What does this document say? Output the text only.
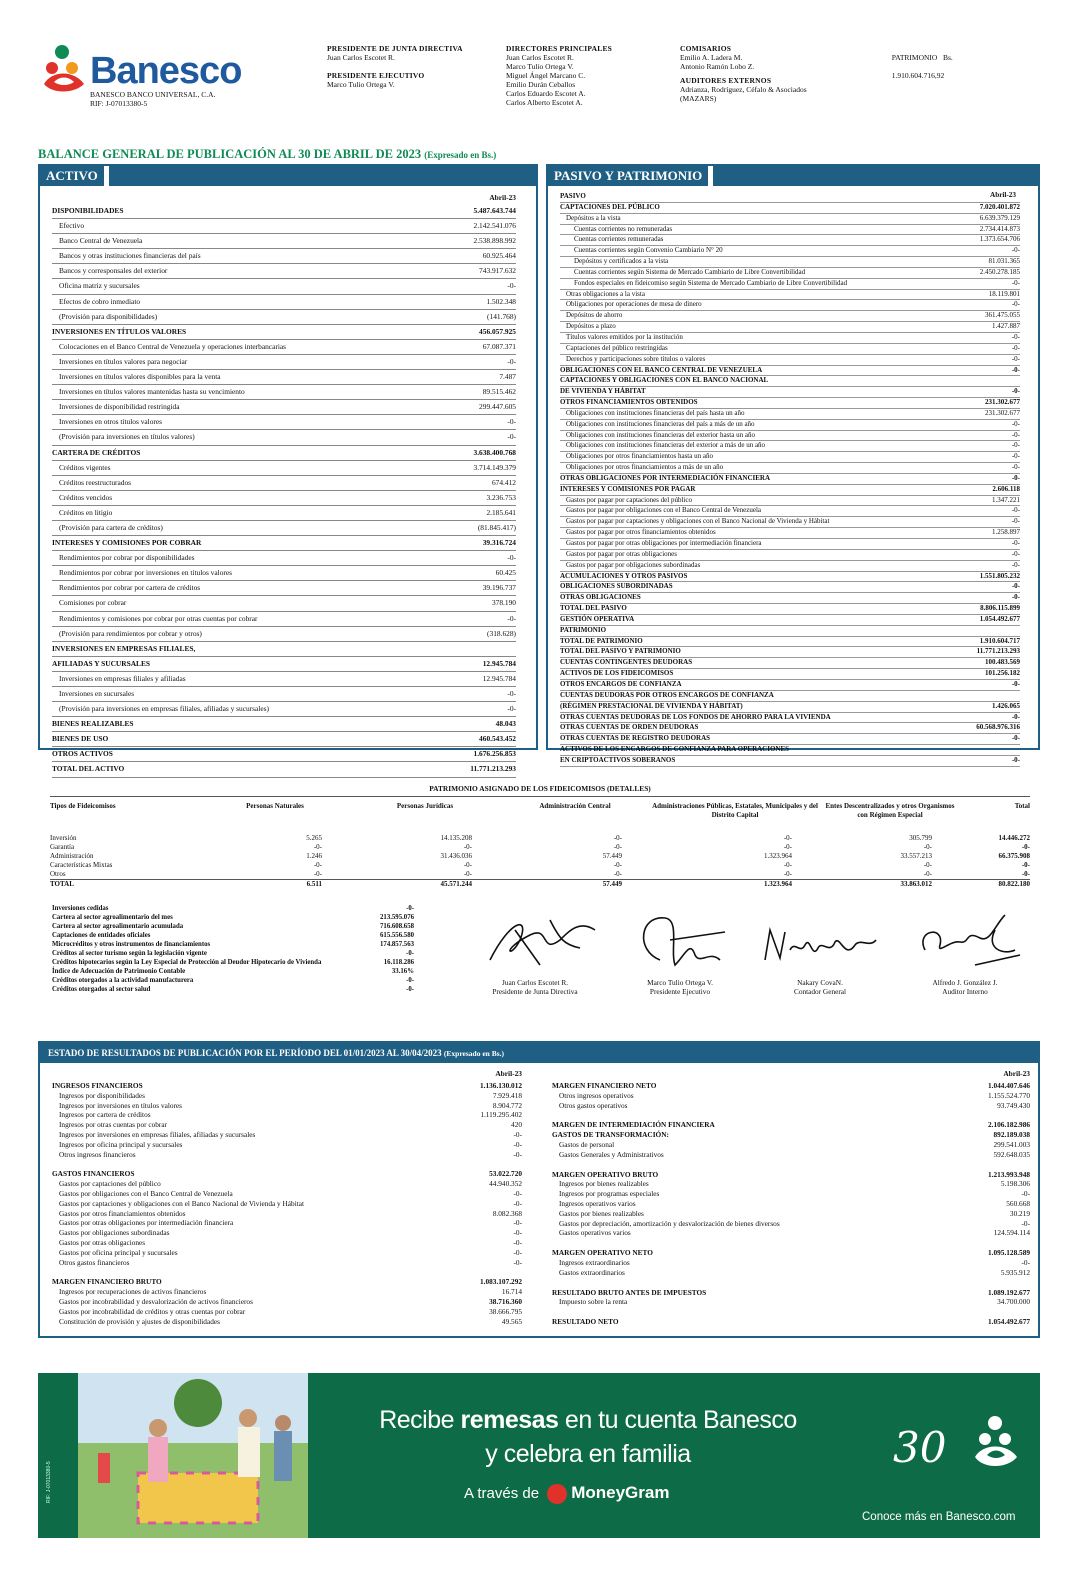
Banesco
BANESCO BANCO UNIVERSAL, C.A.
RIF: J-07013380-5
PRESIDENTE DE JUNTA DIRECTIVA
Juan Carlos Escotet R.
PRESIDENTE EJECUTIVO
Marco Tulio Ortega V.
DIRECTORES PRINCIPALES
Juan Carlos Escotet R.
Marco Tulio Ortega V.
Miguel Ángel Marcano C.
Emilio Durán Ceballos
Carlos Eduardo Escotet A.
Carlos Alberto Escotet A.
COMISARIOS
Emilio A. Ladera M.
Antonio Ramón Lobo Z.
AUDITORES EXTERNOS
Adrianza, Rodríguez, Céfalo & Asociados
(MAZARS)

PATRIMONIO   Bs.

1.910.604.716,92

BALANCE GENERAL DE PUBLICACIÓN AL 30 DE ABRIL DE 2023 (Expresado en Bs.)
ACTIVO
Abril-23
DISPONIBILIDADES	5.487.643.744
Efectivo	2.142.541.076
Banco Central de Venezuela	2.538.898.992
Bancos y otras instituciones financieras del país	60.925.464
Bancos y corresponsales del exterior	743.917.632
Oficina matriz y sucursales	-0-
Efectos de cobro inmediato	1.502.348
(Provisión para disponibilidades)	(141.768)
INVERSIONES EN TÍTULOS VALORES	456.057.925
Colocaciones en el Banco Central de Venezuela y operaciones interbancarias	67.087.371
Inversiones en títulos valores para negociar	-0-
Inversiones en títulos valores disponibles para la venta	7.487
Inversiones en títulos valores mantenidas hasta su vencimiento	89.515.462
Inversiones de disponibilidad restringida	299.447.605
Inversiones en otros títulos valores	-0-
(Provisión para inversiones en títulos valores)	-0-
CARTERA DE CRÉDITOS	3.638.400.768
Créditos vigentes	3.714.149.379
Créditos reestructurados	674.412
Créditos vencidos	3.236.753
Créditos en litigio	2.185.641
(Provisión para cartera de créditos)	(81.845.417)
INTERESES Y COMISIONES POR COBRAR	39.316.724
Rendimientos por cobrar por disponibilidades	-0-
Rendimientos por cobrar por inversiones en títulos valores	60.425
Rendimientos por cobrar por cartera de créditos	39.196.737
Comisiones por cobrar	378.190
Rendimientos y comisiones por cobrar por otras cuentas por cobrar	-0-
(Provisión para rendimientos por cobrar y otros)	(318.628)
INVERSIONES EN EMPRESAS FILIALES,
AFILIADAS Y SUCURSALES	12.945.784
Inversiones en empresas filiales y afiliadas	12.945.784
Inversiones en sucursales	-0-
(Provisión para inversiones en empresas filiales, afiliadas y sucursales)	-0-
BIENES REALIZABLES	48.043
BIENES DE USO	460.543.452
OTROS ACTIVOS	1.676.256.853
TOTAL DEL ACTIVO	11.771.213.293
PASIVO Y PATRIMONIO
PASIVO
CAPTACIONES DEL PÚBLICO	7.020.401.872
Depósitos a la vista	6.639.379.129
Cuentas corrientes no remuneradas	2.734.414.873
Cuentas corrientes remuneradas	1.373.654.706
Cuentas corrientes según Convenio Cambiario N° 20	-0-
Depósitos y certificados a la vista	81.031.365
Cuentas corrientes según Sistema de Mercado Cambiario de Libre Convertibilidad	2.450.278.185
Fondos especiales en fideicomiso según Sistema de Mercado Cambiario de Libre Convertibilidad	-0-
Otras obligaciones a la vista	18.119.801
Obligaciones por operaciones de mesa de dinero	-0-
Depósitos de ahorro	361.475.055
Depósitos a plazo	1.427.887
Títulos valores emitidos por la institución	-0-
Captaciones del público restringidas	-0-
Derechos y participaciones sobre títulos o valores	-0-
OBLIGACIONES CON EL BANCO CENTRAL DE VENEZUELA	-0-
CAPTACIONES Y OBLIGACIONES CON EL BANCO NACIONAL
DE VIVIENDA Y HÁBITAT	-0-
OTROS FINANCIAMIENTOS OBTENIDOS	231.302.677
Obligaciones con instituciones financieras del país hasta un año	231.302.677
Obligaciones con instituciones financieras del país a más de un año	-0-
Obligaciones con instituciones financieras del exterior hasta un año	-0-
Obligaciones con instituciones financieras del exterior a más de un año	-0-
Obligaciones por otros financiamientos hasta un año	-0-
Obligaciones por otros financiamientos a más de un año	-0-
OTRAS OBLIGACIONES POR INTERMEDIACIÓN FINANCIERA	-0-
INTERESES Y COMISIONES POR PAGAR	2.606.118
Gastos por pagar por captaciones del público	1.347.221
Gastos por pagar por obligaciones con el Banco Central de Venezuela	-0-
Gastos por pagar por captaciones y obligaciones con el Banco Nacional de Vivienda y Hábitat	-0-
Gastos por pagar por otros financiamientos obtenidos	1.258.897
Gastos por pagar por otras obligaciones por intermediación financiera	-0-
Gastos por pagar por otras obligaciones	-0-
Gastos por pagar por obligaciones subordinadas	-0-
ACUMULACIONES Y OTROS PASIVOS	1.551.805.232
OBLIGACIONES SUBORDINADAS	-0-
OTRAS OBLIGACIONES	-0-
TOTAL DEL PASIVO	8.806.115.899
GESTIÓN OPERATIVA	1.054.492.677
PATRIMONIO
TOTAL DE PATRIMONIO	1.910.604.717
TOTAL DEL PASIVO Y PATRIMONIO	11.771.213.293
CUENTAS CONTINGENTES DEUDORAS	100.483.569
ACTIVOS DE LOS FIDEICOMISOS	101.256.182
OTROS ENCARGOS DE CONFIANZA	-0-
CUENTAS DEUDORAS POR OTROS ENCARGOS DE CONFIANZA
(RÉGIMEN PRESTACIONAL DE VIVIENDA Y HÁBITAT)	1.426.065
OTRAS CUENTAS DEUDORAS DE LOS FONDOS DE AHORRO PARA LA VIVIENDA	-0-
OTRAS CUENTAS DE ORDEN DEUDORAS	60.568.976.316
OTRAS CUENTAS DE REGISTRO DEUDORAS	-0-
ACTIVOS DE LOS ENCARGOS DE CONFIANZA PARA OPERACIONES
EN CRIPTOACTIVOS SOBERANOS	-0-
Abril-23
PATRIMONIO ASIGNADO DE LOS FIDEICOMISOS (DETALLES)
Tipos de Fideicomisos	Personas Naturales	Personas Jurídicas	Administración Central	Administraciones Públicas, Estatales, Municipales y del Distrito Capital	Entes Descentralizados y otros Organismos con Régimen Especial	Total
Inversión	5.265	14.135.208	-0-	-0-	305.799	14.446.272
Garantía	-0-	-0-	-0-	-0-	-0-	-0-
Administración	1.246	31.436.036	57.449	1.323.964	33.557.213	66.375.908
Características Mixtas	-0-	-0-	-0-	-0-	-0-	-0-
Otros	-0-	-0-	-0-	-0-	-0-	-0-
TOTAL	6.511	45.571.244	57.449	1.323.964	33.863.012	80.822.180
Inversiones cedidas	-0-
Cartera al sector agroalimentario del mes	213.595.076
Cartera al sector agroalimentario acumulada	716.608.658
Captaciones de entidades oficiales	615.556.580
Microcréditos y otros instrumentos de financiamientos	174.857.563
Créditos al sector turismo según la legislación vigente	-0-
Créditos hipotecarios según la Ley Especial de Protección al Deudor Hipotecario de Vivienda	16.118.286
Índice de Adecuación de Patrimonio Contable	33.16%
Créditos otorgados a la actividad manufacturera	-0-
Créditos otorgados al sector salud	-0-
Juan Carlos Escotet R.
Presidente de Junta Directiva
Marco Tulio Ortega V.
Presidente Ejecutivo
Nakary CovaN.
Contador General
Alfredo J. González J.
Auditor Interno
ESTADO DE RESULTADOS DE PUBLICACIÓN POR EL PERÍODO DEL 01/01/2023 AL 30/04/2023 (Expresado en Bs.)
Abril-23
INGRESOS FINANCIEROS	1.136.130.012
Ingresos por disponibilidades	7.929.418
Ingresos por inversiones en títulos valores	8.904.772
Ingresos por cartera de créditos	1.119.295.402
Ingresos por otras cuentas por cobrar	420
Ingresos por inversiones en empresas filiales, afiliadas y sucursales	-0-
Ingresos por oficina principal y sucursales	-0-
Otros ingresos financieros	-0-
GASTOS FINANCIEROS	53.022.720
Gastos por captaciones del público	44.940.352
Gastos por obligaciones con el Banco Central de Venezuela	-0-
Gastos por captaciones y obligaciones con el Banco Nacional de Vivienda y Hábitat	-0-
Gastos por otros financiamientos obtenidos	8.082.368
Gastos por otras obligaciones por intermediación financiera	-0-
Gastos por obligaciones subordinadas	-0-
Gastos por otras obligaciones	-0-
Gastos por oficina principal y sucursales	-0-
Otros gastos financieros	-0-
MARGEN FINANCIERO BRUTO	1.083.107.292
Ingresos por recuperaciones de activos financieros	16.714
Gastos por incobrabilidad y desvalorización de activos financieros	38.716.360
Gastos por incobrabilidad de créditos y otras cuentas por cobrar	38.666.795
Constitución de provisión y ajustes de disponibilidades	49.565
Abril-23
MARGEN FINANCIERO NETO	1.044.407.646
Otros ingresos operativos	1.155.524.770
Otros gastos operativos	93.749.430
MARGEN DE INTERMEDIACIÓN FINANCIERA	2.106.182.986
GASTOS DE TRANSFORMACIÓN:	892.189.038
Gastos de personal	299.541.003
Gastos Generales y Administrativos	592.648.035
MARGEN OPERATIVO BRUTO	1.213.993.948
Ingresos por bienes realizables	5.198.306
Ingresos por programas especiales	-0-
Ingresos operativos varios	560.668
Gastos por bienes realizables	30.219
Gastos por depreciación, amortización y desvalorización de bienes diversos	-0-
Gastos operativos varios	124.594.114
MARGEN OPERATIVO NETO	1.095.128.589
Ingresos extraordinarios	-0-
Gastos extraordinarios	5.935.912
RESULTADO BRUTO ANTES DE IMPUESTOS	1.089.192.677
Impuesto sobre la renta	34.700.000
RESULTADO NETO	1.054.492.677
RIF: J-07013380-5
Recibe remesas en tu cuenta Banesco
y celebra en familia
A través de MoneyGram
30
Conoce más en Banesco.com
